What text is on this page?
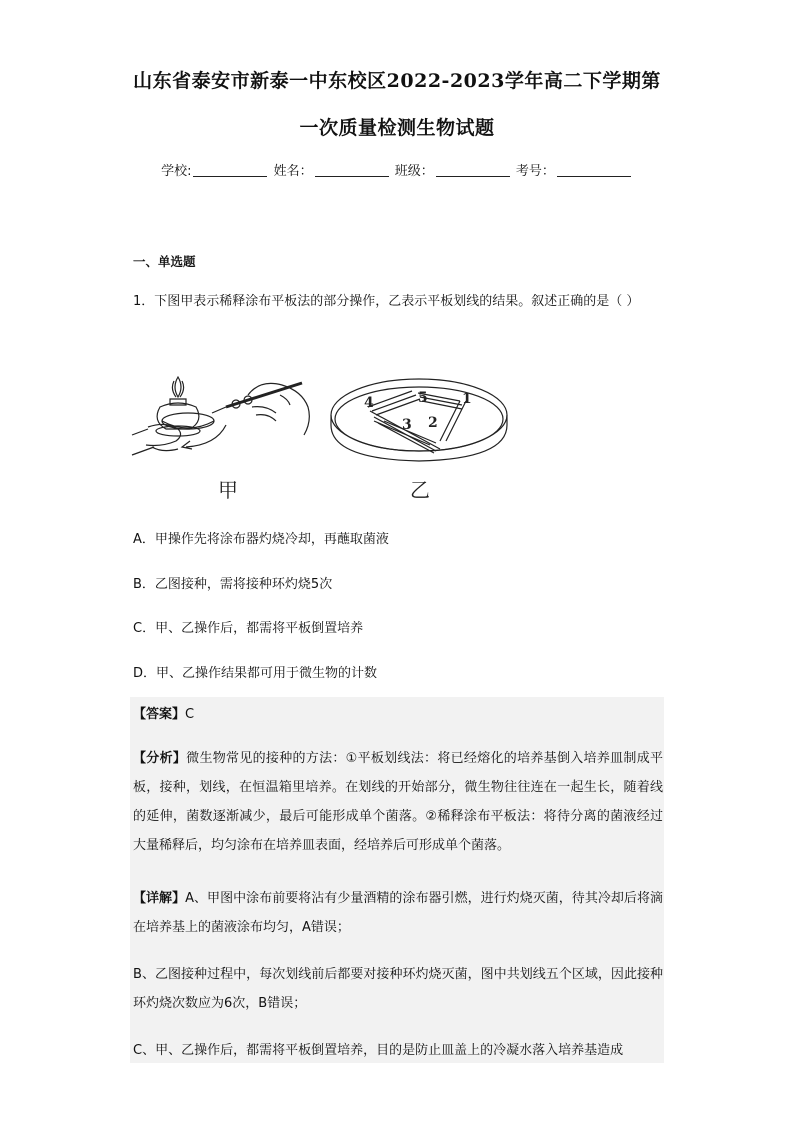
山东省泰安市新泰一中东校区2022-2023学年高二下学期第
一次质量检测生物试题
学校:	姓名：	班级：	考号：
一、单选题
1．下图甲表示稀释涂布平板法的部分操作，乙表示平板划线的结果。叙述正确的是（ ）
甲
1
2
3
4	5
乙
A．甲操作先将涂布器灼烧冷却，再蘸取菌液
B．乙图接种，需将接种环灼烧5次
C．甲、乙操作后，都需将平板倒置培养
D．甲、乙操作结果都可用于微生物的计数
【答案】C
【分析】微生物常见的接种的方法：①平板划线法：将已经熔化的培养基倒入培养皿制成平板，接种，划线，在恒温箱里培养。在划线的开始部分，微生物往往连在一起生长，随着线的延伸，菌数逐渐减少，最后可能形成单个菌落。②稀释涂布平板法：将待分离的菌液经过大量稀释后，均匀涂布在培养皿表面，经培养后可形成单个菌落。
【详解】A、甲图中涂布前要将沾有少量酒精的涂布器引燃，进行灼烧灭菌，待其冷却后将滴在培养基上的菌液涂布均匀，A错误；
B、乙图接种过程中，每次划线前后都要对接种环灼烧灭菌，图中共划线五个区域，因此接种环灼烧次数应为6次，B错误；
C、甲、乙操作后，都需将平板倒置培养，目的是防止皿盖上的冷凝水落入培养基造成
